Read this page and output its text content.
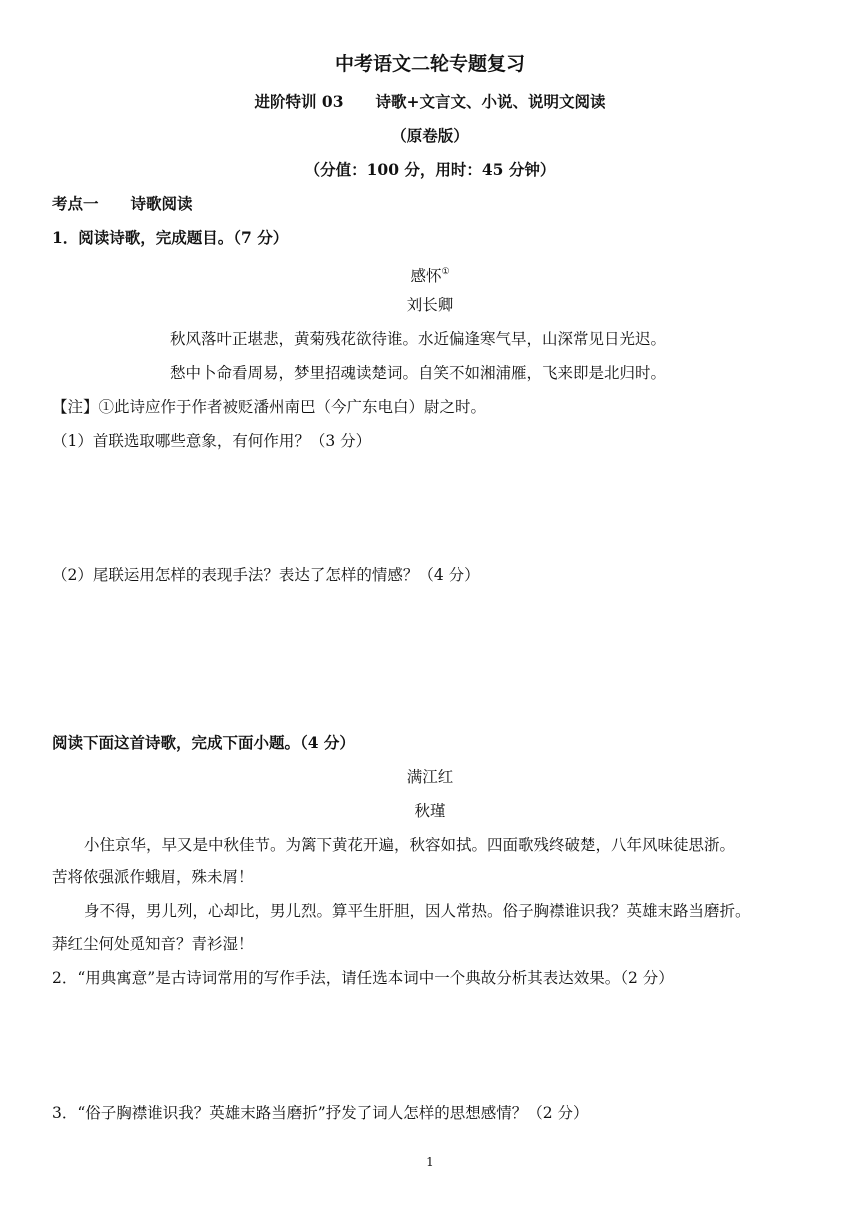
中考语文二轮专题复习
进阶特训 03 诗歌+文言文、小说、说明文阅读
（原卷版）
（分值：100 分，用时：45 分钟）
考点一 诗歌阅读
1．阅读诗歌，完成题目。（7 分）
感怀①
刘长卿
秋风落叶正堪悲，黄菊残花欲待谁。水近偏逢寒气早，山深常见日光迟。
愁中卜命看周易，梦里招魂读楚词。自笑不如湘浦雁，飞来即是北归时。
【注】①此诗应作于作者被贬潘州南巴（今广东电白）尉之时。
（1）首联选取哪些意象，有何作用？（3 分）
（2）尾联运用怎样的表现手法？表达了怎样的情感？（4 分）
阅读下面这首诗歌，完成下面小题。（4 分）
满江红
秋瑾
小住京华，早又是中秋佳节。为篱下黄花开遍，秋容如拭。四面歌残终破楚，八年风味徒思浙。
苦将侬强派作蛾眉，殊未屑！
身不得，男儿列，心却比，男儿烈。算平生肝胆，因人常热。俗子胸襟谁识我？英雄末路当磨折。
莽红尘何处觅知音？青衫湿！
2．“用典寓意”是古诗词常用的写作手法，请任选本词中一个典故分析其表达效果。（2 分）
3．“俗子胸襟谁识我？英雄末路当磨折”抒发了词人怎样的思想感情？（2 分）
1
